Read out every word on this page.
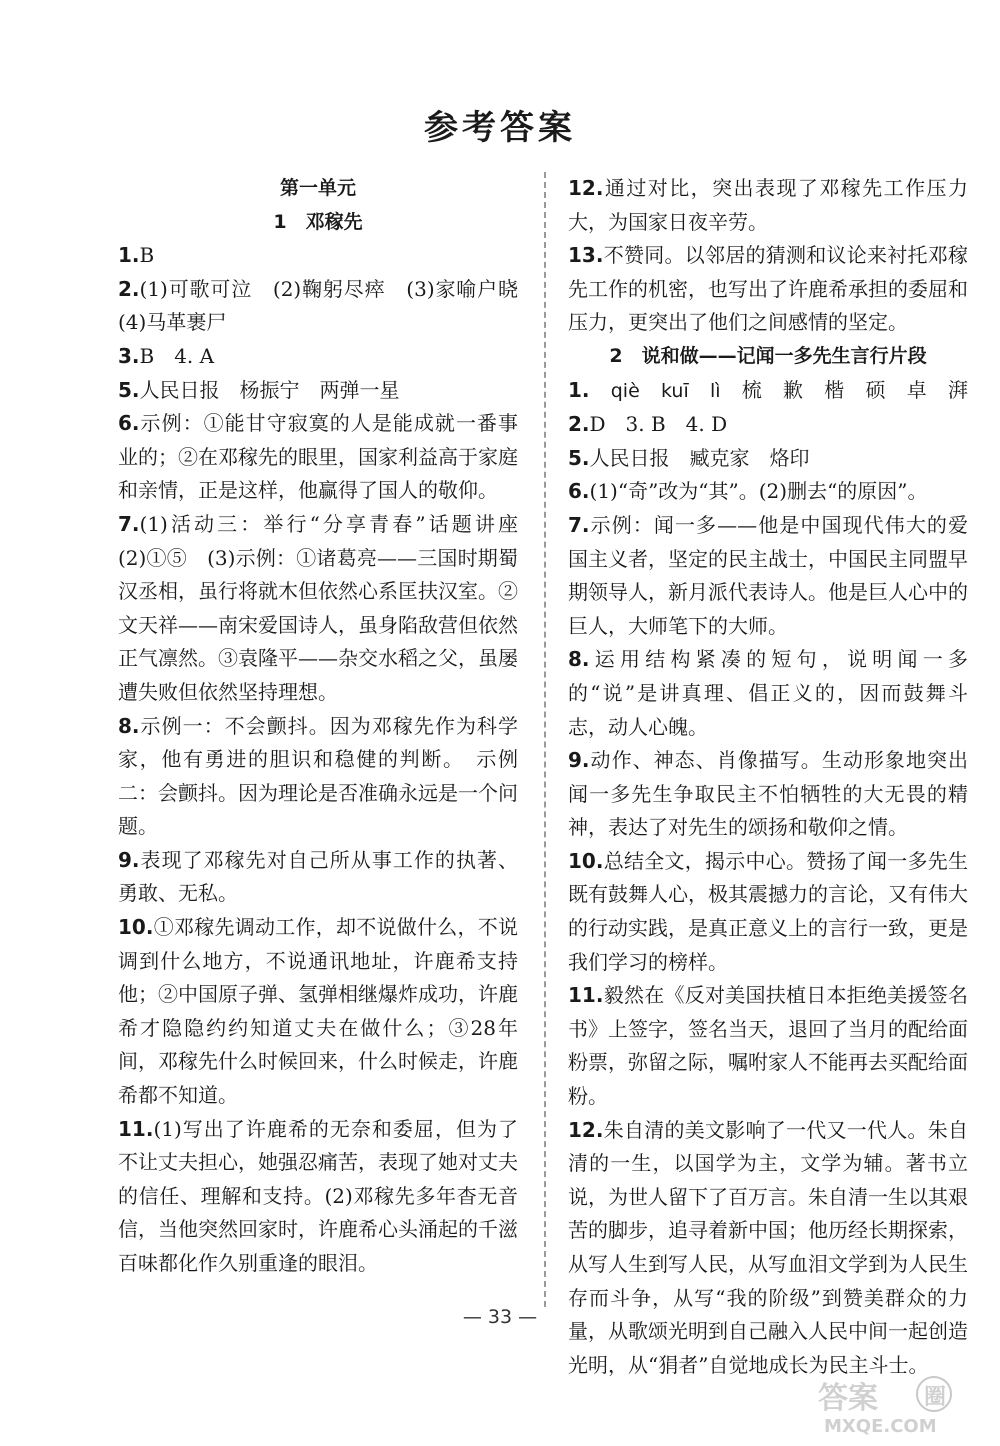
参考答案
第一单元
1　邓稼先
1.B
2.(1)可歌可泣　(2)鞠躬尽瘁　(3)家喻户晓　(4)马革裹尸
3.B　4. A
5.人民日报　杨振宁　两弹一星
6.示例：①能甘守寂寞的人是能成就一番事业的；②在邓稼先的眼里，国家利益高于家庭和亲情，正是这样，他赢得了国人的敬仰。
7.(1)活动三：举行“分享青春”话题讲座　(2)①⑤　(3)示例：①诸葛亮——三国时期蜀汉丞相，虽行将就木但依然心系匡扶汉室。②文天祥——南宋爱国诗人，虽身陷敌营但依然正气凛然。③袁隆平——杂交水稻之父，虽屡遭失败但依然坚持理想。
8.示例一：不会颤抖。因为邓稼先作为科学家，他有勇进的胆识和稳健的判断。　示例二：会颤抖。因为理论是否准确永远是一个问题。
9.表现了邓稼先对自己所从事工作的执著、勇敢、无私。
10.①邓稼先调动工作，却不说做什么，不说调到什么地方，不说通讯地址，许鹿希支持他；②中国原子弹、氢弹相继爆炸成功，许鹿希才隐隐约约知道丈夫在做什么；③28年间，邓稼先什么时候回来，什么时候走，许鹿希都不知道。
11.(1)写出了许鹿希的无奈和委屈，但为了不让丈夫担心，她强忍痛苦，表现了她对丈夫的信任、理解和支持。(2)邓稼先多年杳无音信，当他突然回家时，许鹿希心头涌起的千滋百味都化作久别重逢的眼泪。
12.通过对比，突出表现了邓稼先工作压力大，为国家日夜辛劳。
13.不赞同。以邻居的猜测和议论来衬托邓稼先工作的机密，也写出了许鹿希承担的委屈和压力，更突出了他们之间感情的坚定。
2　说和做——记闻一多先生言行片段
1. qiè kuī lì 梳 歉 楷 硕 卓 湃
2.D　3. B　4. D
5.人民日报　臧克家　烙印
6.(1)“奇”改为“其”。(2)删去“的原因”。
7.示例：闻一多——他是中国现代伟大的爱国主义者，坚定的民主战士，中国民主同盟早期领导人，新月派代表诗人。他是巨人心中的巨人，大师笔下的大师。
8.运用结构紧凑的短句，说明闻一多的“说”是讲真理、倡正义的，因而鼓舞斗志，动人心魄。
9.动作、神态、肖像描写。生动形象地突出闻一多先生争取民主不怕牺牲的大无畏的精神，表达了对先生的颂扬和敬仰之情。
10.总结全文，揭示中心。赞扬了闻一多先生既有鼓舞人心，极其震撼力的言论，又有伟大的行动实践，是真正意义上的言行一致，更是我们学习的榜样。
11.毅然在《反对美国扶植日本拒绝美援签名书》上签字，签名当天，退回了当月的配给面粉票，弥留之际，嘱咐家人不能再去买配给面粉。
12.朱自清的美文影响了一代又一代人。朱自清的一生，以国学为主，文学为辅。著书立说，为世人留下了百万言。朱自清一生以其艰苦的脚步，追寻着新中国；他历经长期探索，从写人生到写人民，从写血泪文学到为人民生存而斗争，从写“我的阶级”到赞美群众的力量，从歌颂光明到自己融入人民中间一起创造光明，从“狷者”自觉地成长为民主斗士。
— 33 —
答案 圈
MXQE.COM
